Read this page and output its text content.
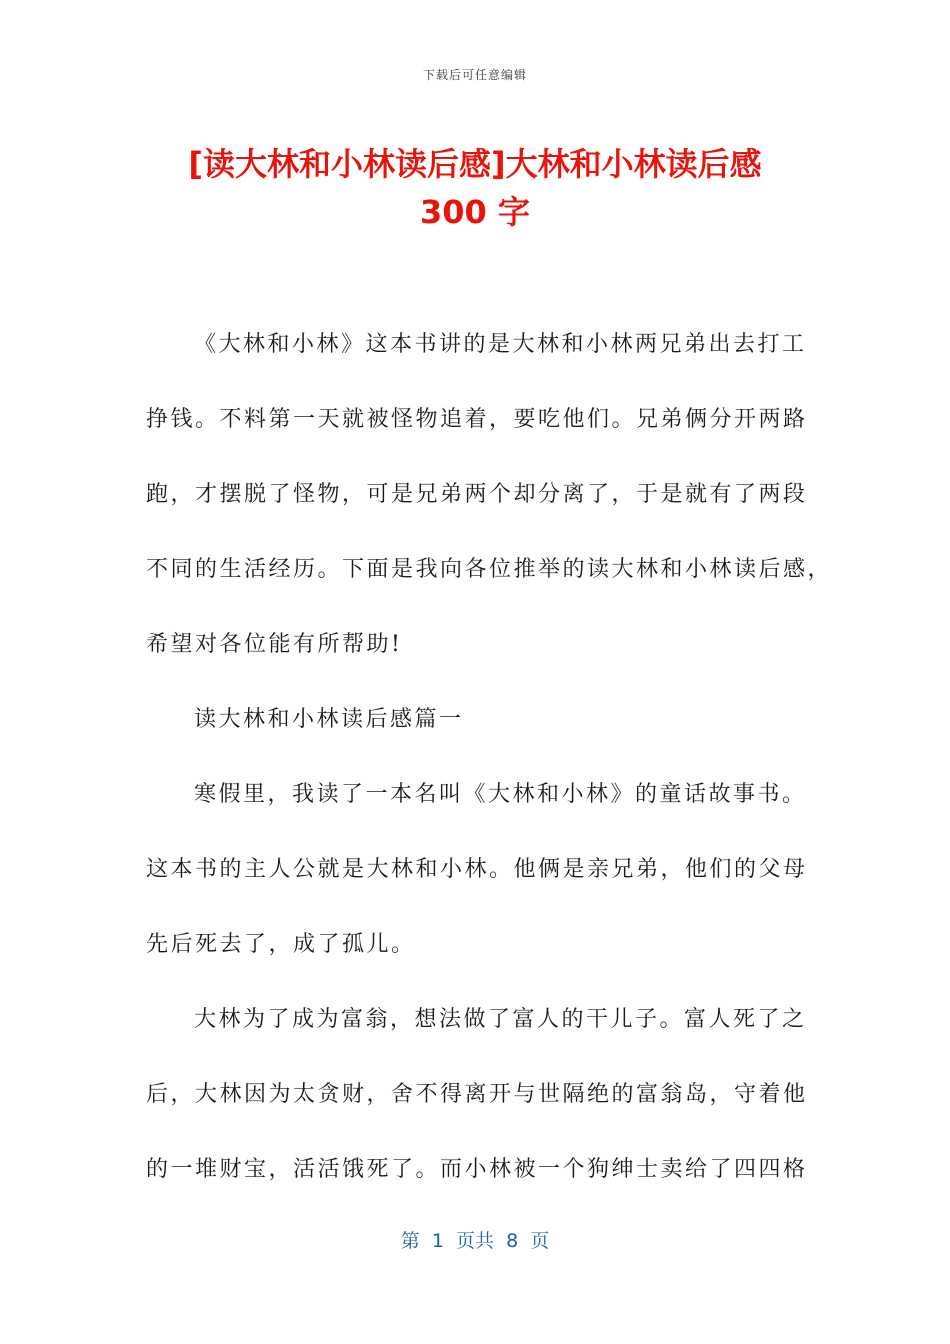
下载后可任意编辑
[读大林和小林读后感]大林和小林读后感
300 字
《大林和小林》这本书讲的是大林和小林两兄弟出去打工
挣钱。不料第一天就被怪物追着，要吃他们。兄弟俩分开两路
跑，才摆脱了怪物，可是兄弟两个却分离了，于是就有了两段
不同的生活经历。下面是我向各位推举的读大林和小林读后感，
希望对各位能有所帮助!
读大林和小林读后感篇一
寒假里，我读了一本名叫《大林和小林》的童话故事书。
这本书的主人公就是大林和小林。他俩是亲兄弟，他们的父母
先后死去了，成了孤儿。
大林为了成为富翁，想法做了富人的干儿子。富人死了之
后，大林因为太贪财，舍不得离开与世隔绝的富翁岛，守着他
的一堆财宝，活活饿死了。而小林被一个狗绅士卖给了四四格
第  1  页共  8  页
